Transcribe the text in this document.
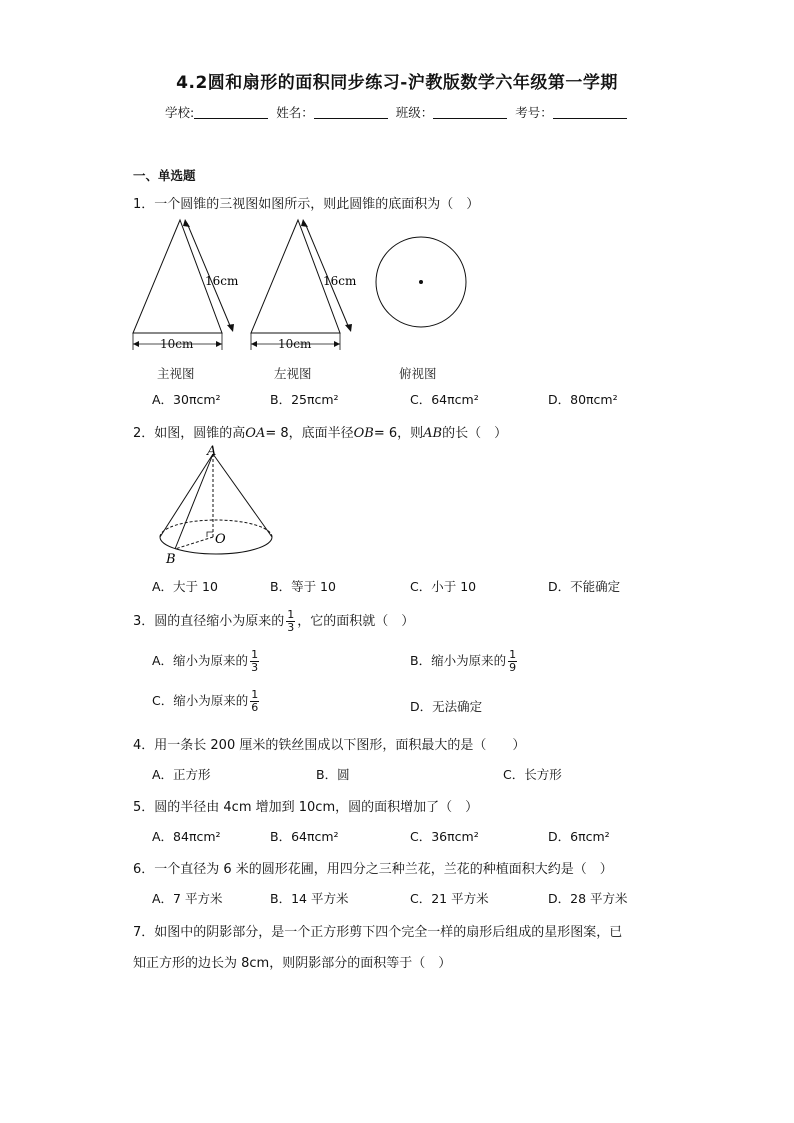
4.2圆和扇形的面积同步练习-沪教版数学六年级第一学期
学校:	姓名：	班级：	考号：
一、单选题
1．一个圆锥的三视图如图所示，则此圆锥的底面积为（　）
16cm
10cm
16cm
10cm
主视图	左视图	俯视图
A．30πcm²	B．25πcm²	C．64πcm²	D．80πcm²
2．如图，圆锥的高OA= 8，底面半径OB= 6，则AB的长（　）
A
B
O
A．大于 10	B．等于 10	C．小于 10	D．不能确定
3．圆的直径缩小为原来的 $\frac{1}{3}$ ，它的面积就（　）
A．缩小为原来的 $\frac{1}{3}$	B．缩小为原来的 $\frac{1}{9}$
C．缩小为原来的 $\frac{1}{6}$	D．无法确定
4．用一条长 200 厘米的铁丝围成以下图形，面积最大的是（　　）
A．正方形	B．圆	C．长方形
5．圆的半径由 4cm 增加到 10cm，圆的面积增加了（　）
A．84πcm²	B．64πcm²	C．36πcm²	D．6πcm²
6．一个直径为 6 米的圆形花圃，用四分之三种兰花，兰花的种植面积大约是（　）
A．7 平方米	B．14 平方米	C．21 平方米	D．28 平方米
7．如图中的阴影部分，是一个正方形剪下四个完全一样的扇形后组成的星形图案，已
知正方形的边长为 8cm，则阴影部分的面积等于（　）
